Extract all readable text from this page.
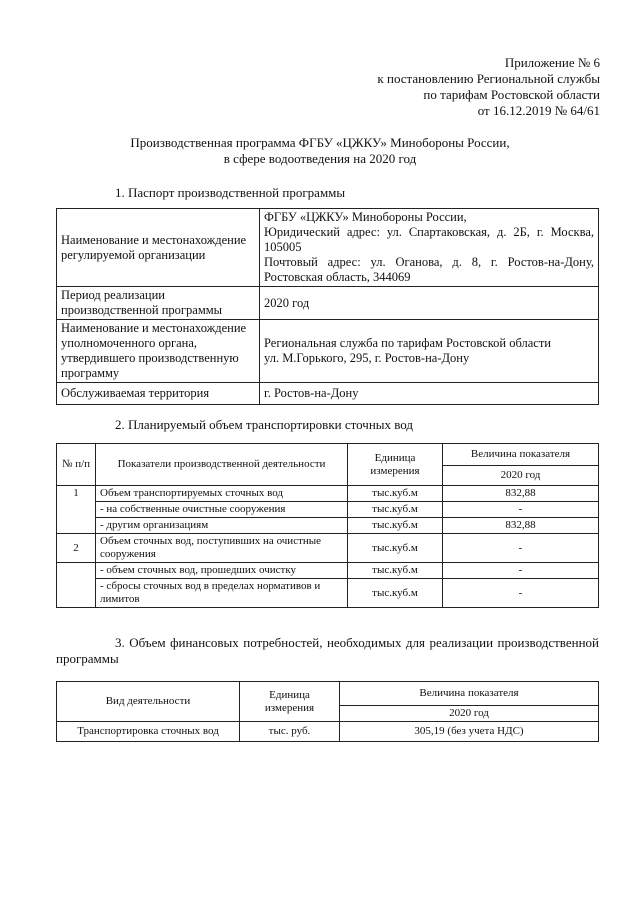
Приложение № 6
к постановлению Региональной службы
по тарифам Ростовской области
от 16.12.2019 № 64/61
Производственная программа ФГБУ «ЦЖКУ» Минобороны России,
в сфере водоотведения на 2020 год
1. Паспорт производственной программы
Наименование и местонахождение регулируемой организации	ФГБУ «ЦЖКУ» Минобороны России,
Юридический адрес: ул. Спартаковская, д. 2Б, г. Москва,
105005
Почтовый адрес: ул. Оганова, д. 8, г. Ростов-на-Дону,
Ростовская область, 344069

Период реализации производственной программы	2020 год
Наименование и местонахождение уполномоченного органа, утвердившего производственную программу	Региональная служба по тарифам Ростовской области
ул. М.Горького, 295, г. Ростов-на-Дону

Обслуживаемая территория	г. Ростов-на-Дону
2. Планируемый объем транспортировки сточных вод
№ п/п	Показатели производственной деятельности	Единица измерения	Величина показателя
			2020 год
1	Объем транспортируемых сточных вод	тыс.куб.м	832,88
	- на собственные очистные сооружения	тыс.куб.м	-
	- другим организациям	тыс.куб.м	832,88
2	Объем сточных вод, поступивших на очистные сооружения	тыс.куб.м	-
	- объем сточных вод, прошедших очистку	тыс.куб.м	-
	- сбросы сточных вод в пределах нормативов и лимитов	тыс.куб.м	-
3. Объем финансовых потребностей, необходимых для реализации производственной
программы
Вид деятельности	Единица измерения	Величина показателя
		2020 год
Транспортировка сточных вод	тыс. руб.	305,19 (без учета НДС)
